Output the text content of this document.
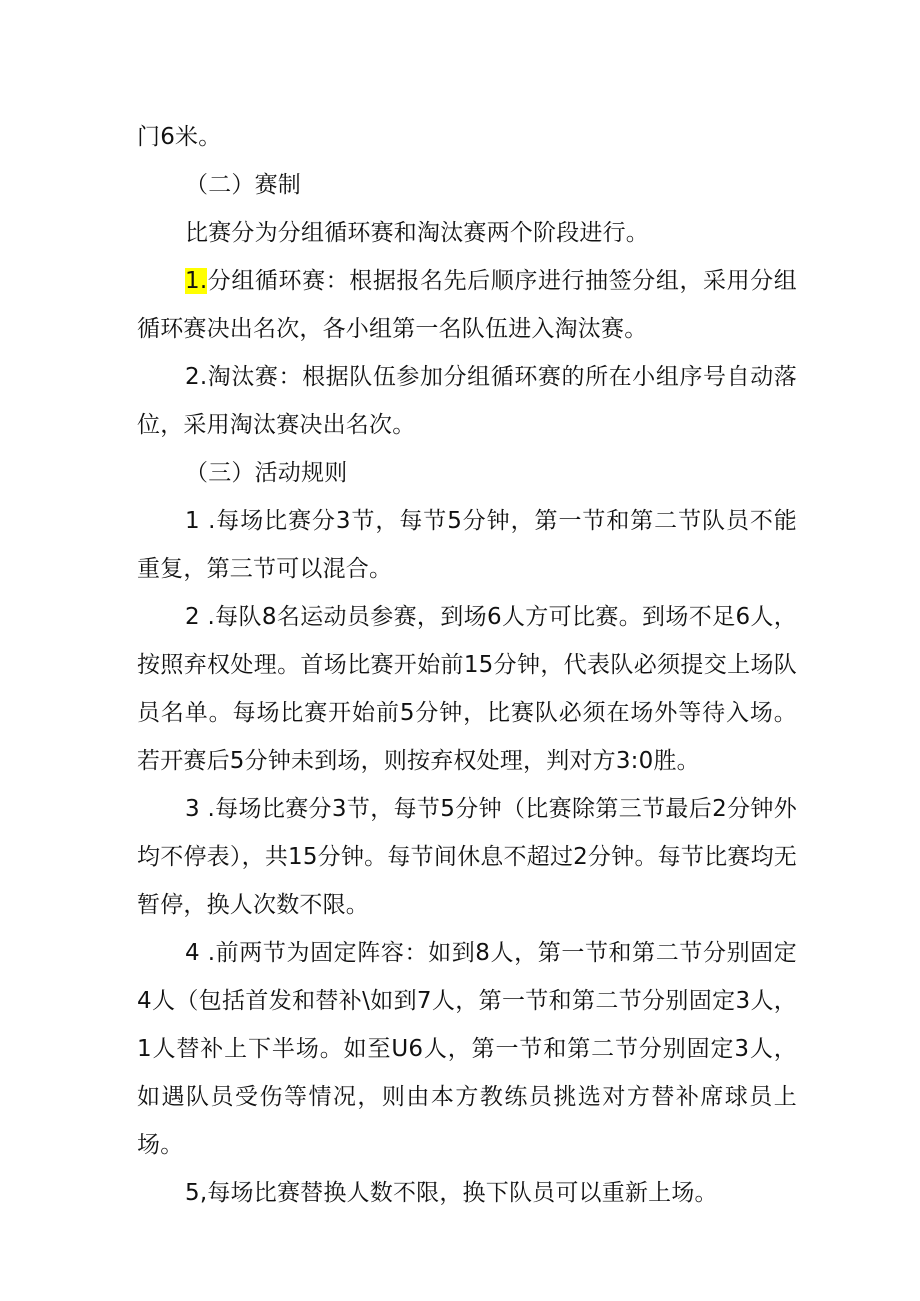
门6米。

（二）赛制

比赛分为分组循环赛和淘汰赛两个阶段进行。

1.分组循环赛：根据报名先后顺序进行抽签分组，采用分组循环赛决出名次，各小组第一名队伍进入淘汰赛。

2.淘汰赛：根据队伍参加分组循环赛的所在小组序号自动落位，采用淘汰赛决出名次。

（三）活动规则

1 .每场比赛分3节，每节5分钟，第一节和第二节队员不能重复，第三节可以混合。

2 .每队8名运动员参赛，到场6人方可比赛。到场不足6人，按照弃权处理。首场比赛开始前15分钟，代表队必须提交上场队员名单。每场比赛开始前5分钟，比赛队必须在场外等待入场。若开赛后5分钟未到场，则按弃权处理，判对方3:0胜。

3 .每场比赛分3节，每节5分钟（比赛除第三节最后2分钟外均不停表），共15分钟。每节间休息不超过2分钟。每节比赛均无暂停，换人次数不限。

4 .前两节为固定阵容：如到8人，第一节和第二节分别固定4人（包括首发和替补\如到7人，第一节和第二节分别固定3人，1人替补上下半场。如至U6人，第一节和第二节分别固定3人，如遇队员受伤等情况，则由本方教练员挑选对方替补席球员上场。

5,每场比赛替换人数不限，换下队员可以重新上场。
